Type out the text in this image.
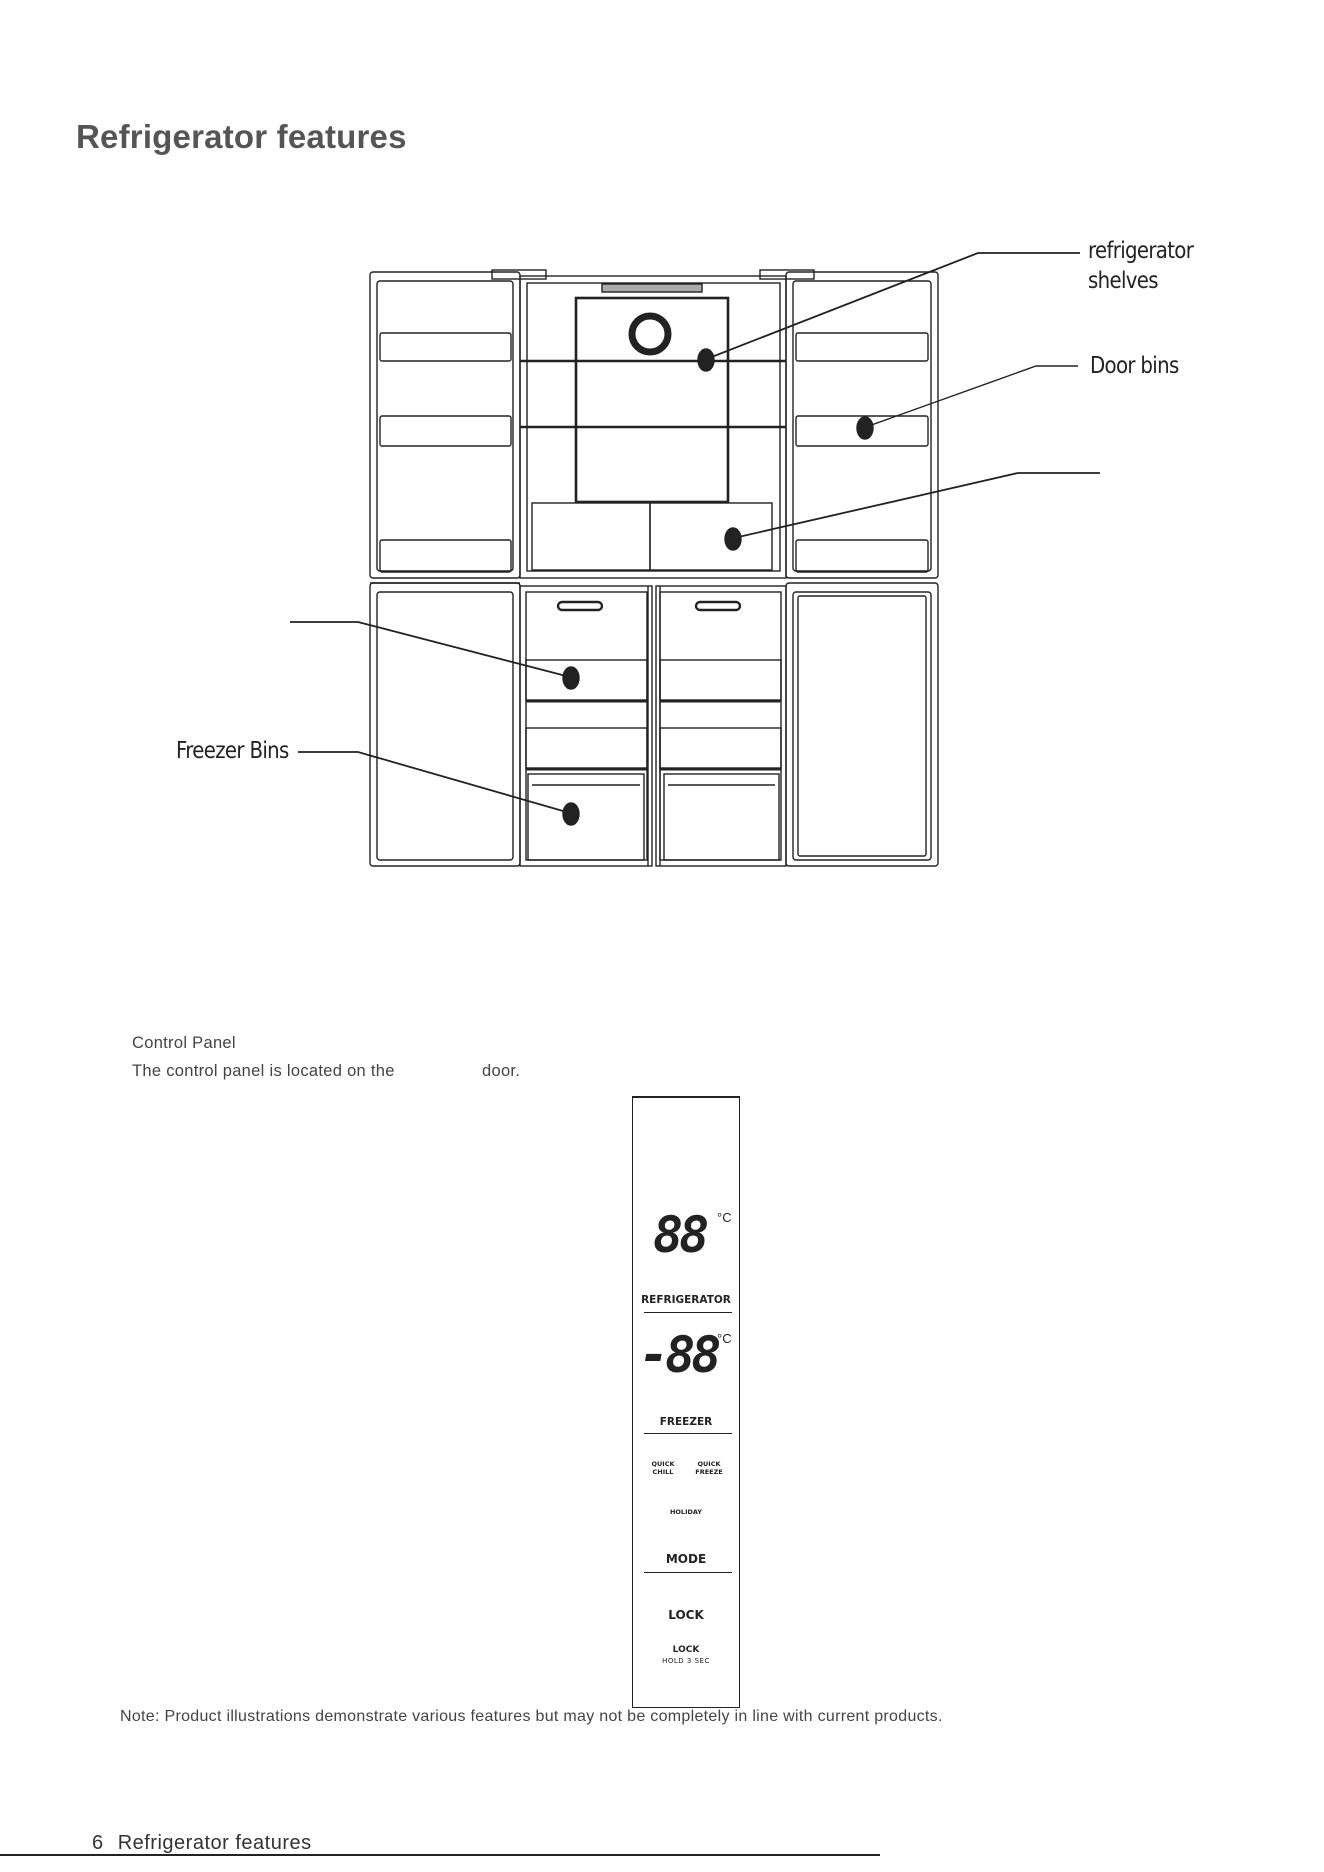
Refrigerator features
refrigerator
shelves
Door bins
Freezer Bins
Control Panel
The control panel is located on the	door.
88 °C
REFRIGERATOR
-88 °C
FREEZER
QUICK
CHILL
QUICK
FREEZE
HOLIDAY
MODE
LOCK
LOCK
HOLD 3 SEC
Note: Product illustrations demonstrate various features but may not be completely in line with current products.
6 Refrigerator features
